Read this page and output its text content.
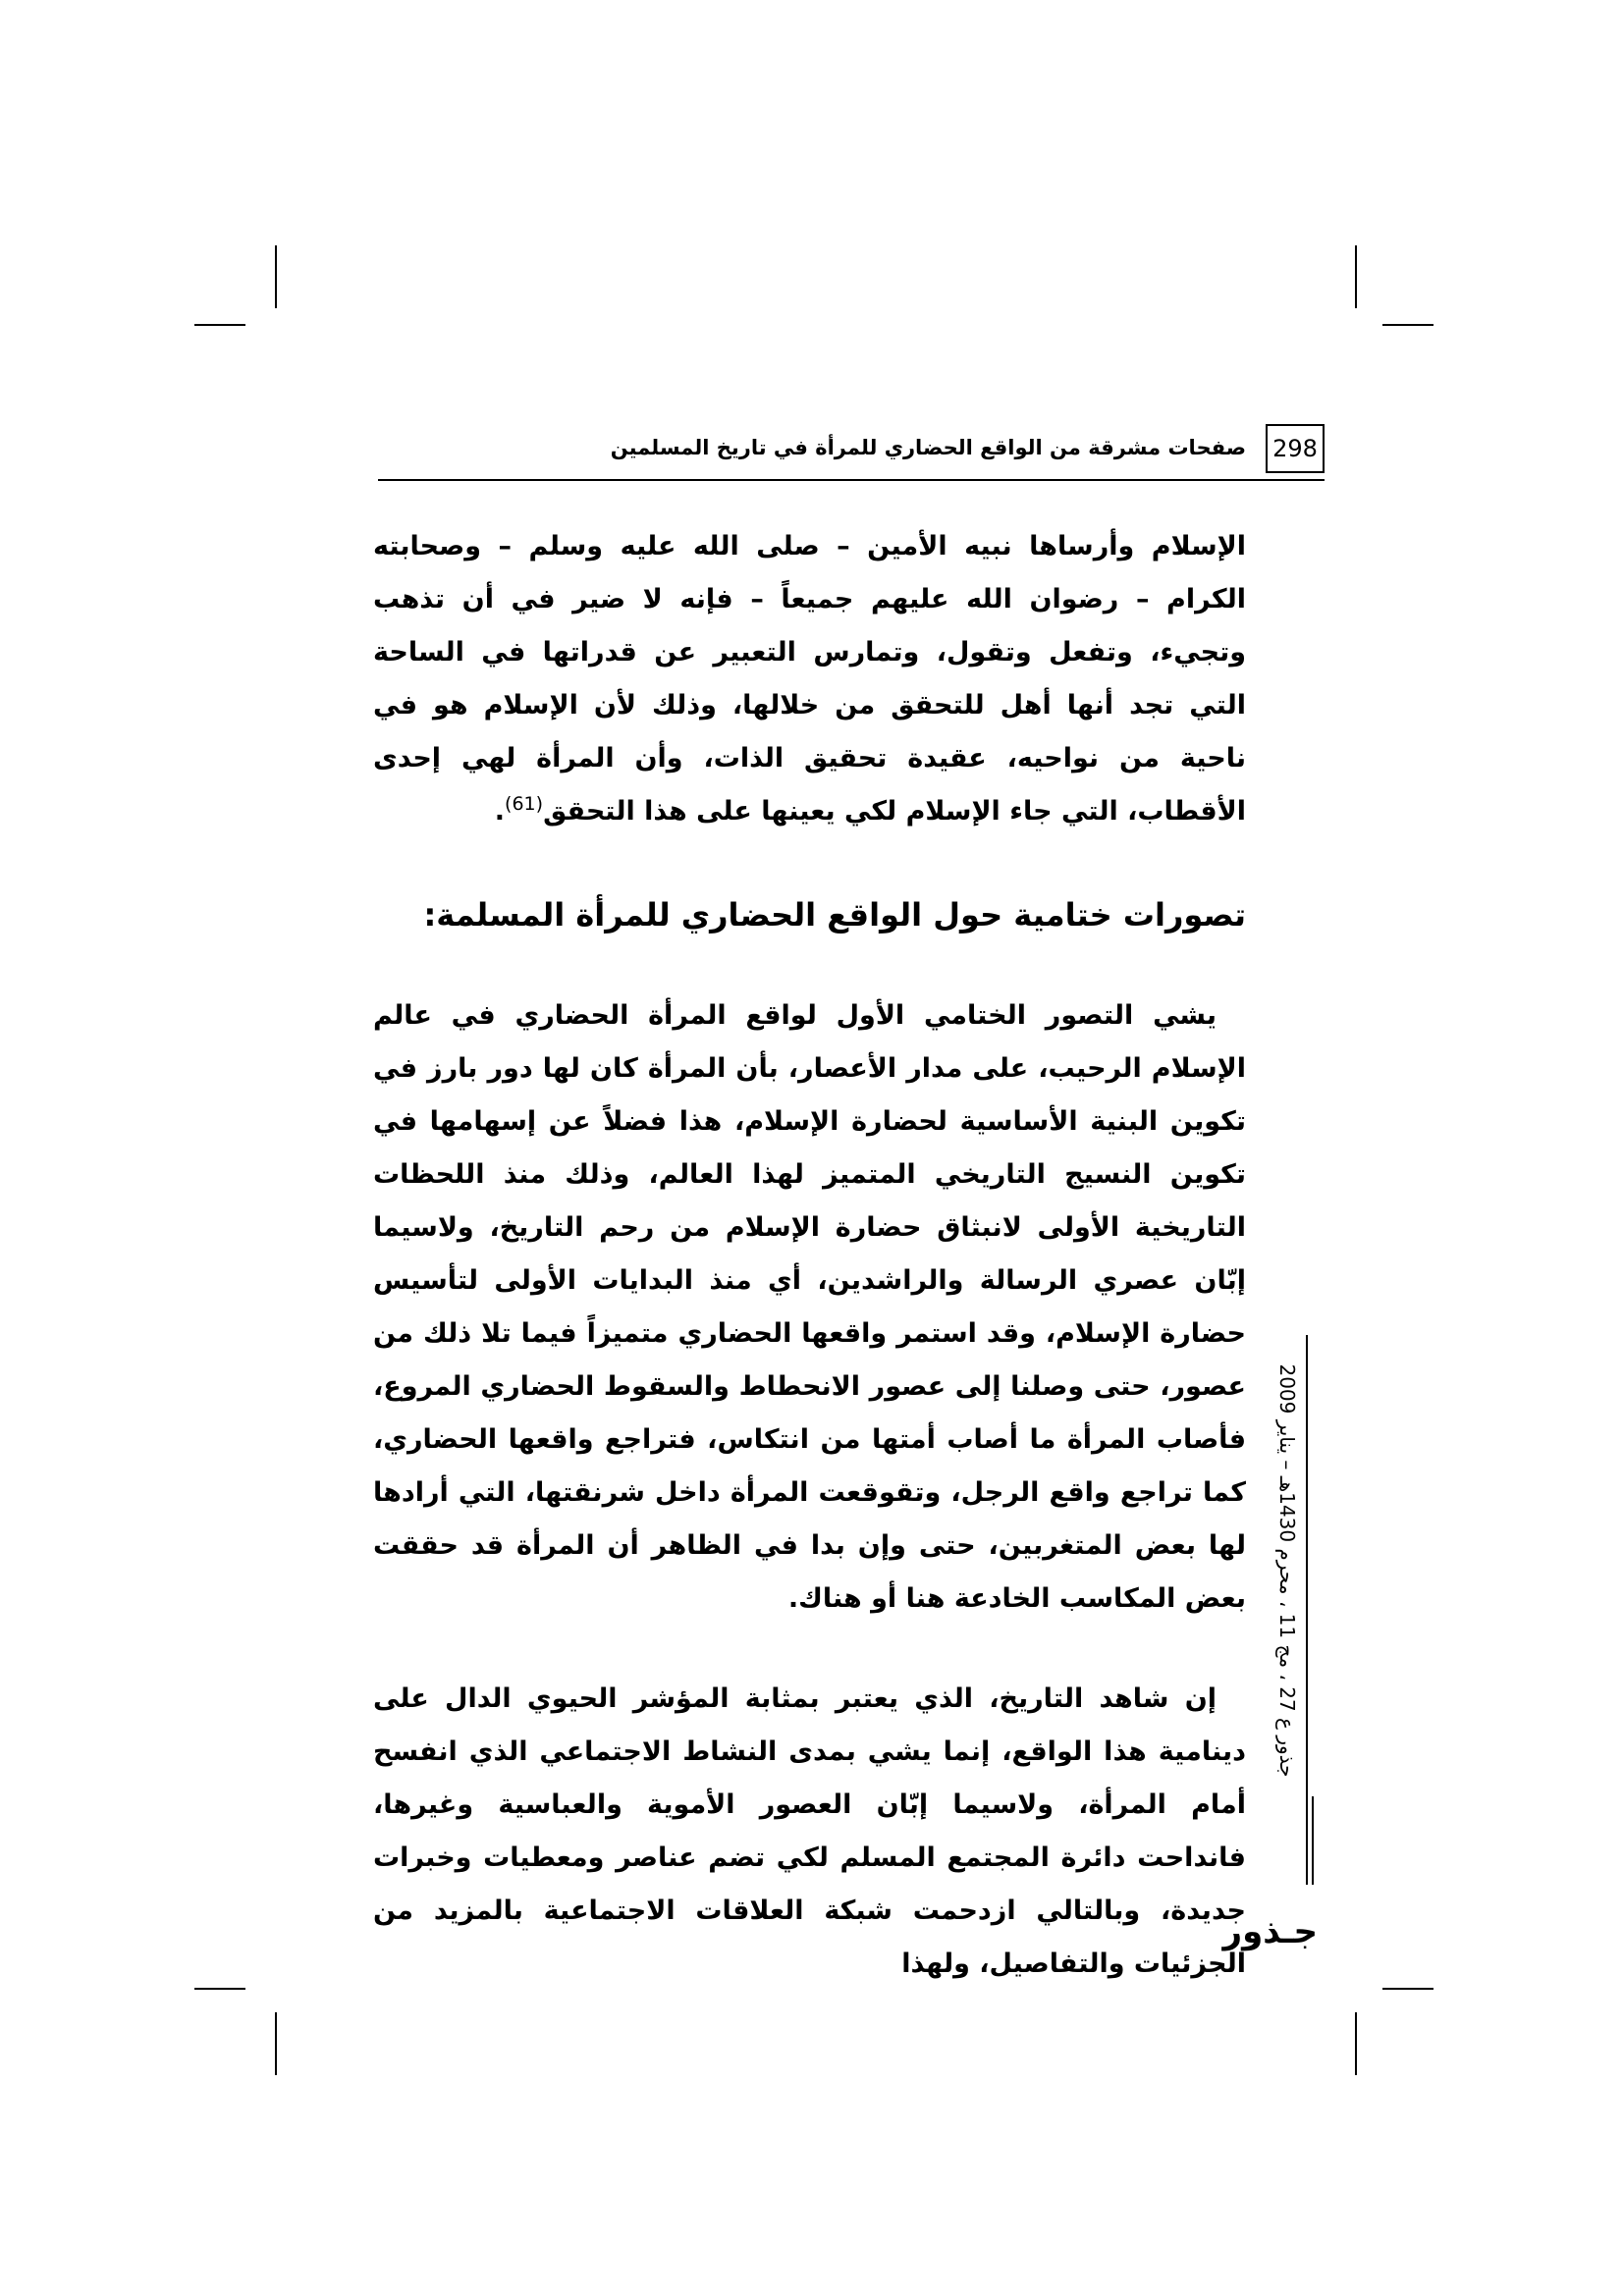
298
صفحات مشرقة من الواقع الحضاري للمرأة في تاريخ المسلمين

الإسلام وأرساها نبيه الأمين – صلى الله عليه وسلم – وصحابته الكرام – رضوان الله عليهم جميعاً – فإنه لا ضير في أن تذهب وتجيء، وتفعل وتقول، وتمارس التعبير عن قدراتها في الساحة التي تجد أنها أهل للتحقق من خلالها، وذلك لأن الإسلام هو في ناحية من نواحيه، عقيدة تحقيق الذات، وأن المرأة لهي إحدى الأقطاب، التي جاء الإسلام لكي يعينها على هذا التحقق$^{(61)}$.

تصورات ختامية حول الواقع الحضاري للمرأة المسلمة:

يشي التصور الختامي الأول لواقع المرأة الحضاري في عالم الإسلام الرحيب، على مدار الأعصار، بأن المرأة كان لها دور بارز في تكوين البنية الأساسية لحضارة الإسلام، هذا فضلاً عن إسهامها في تكوين النسيج التاريخي المتميز لهذا العالم، وذلك منذ اللحظات التاريخية الأولى لانبثاق حضارة الإسلام من رحم التاريخ، ولاسيما إبّان عصري الرسالة والراشدين، أي منذ البدايات الأولى لتأسيس حضارة الإسلام، وقد استمر واقعها الحضاري متميزاً فيما تلا ذلك من عصور، حتى وصلنا إلى عصور الانحطاط والسقوط الحضاري المروع، فأصاب المرأة ما أصاب أمتها من انتكاس، فتراجع واقعها الحضاري، كما تراجع واقع الرجل، وتقوقعت المرأة داخل شرنقتها، التي أرادها لها بعض المتغربين، حتى وإن بدا في الظاهر أن المرأة قد حققت بعض المكاسب الخادعة هنا أو هناك.

إن شاهد التاريخ، الذي يعتبر بمثابة المؤشر الحيوي الدال على دينامية هذا الواقع، إنما يشي بمدى النشاط الاجتماعي الذي انفسح أمام المرأة، ولاسيما إبّان العصور الأموية والعباسية وغيرها، فانداحت دائرة المجتمع المسلم لكي تضم عناصر ومعطيات وخبرات جديدة، وبالتالي ازدحمت شبكة العلاقات الاجتماعية بالمزيد من الجزئيات والتفاصيل، ولهذا

جذور ع 27 ، مج 11 ، محرم 1430هـ – يناير 2009
جـذور
